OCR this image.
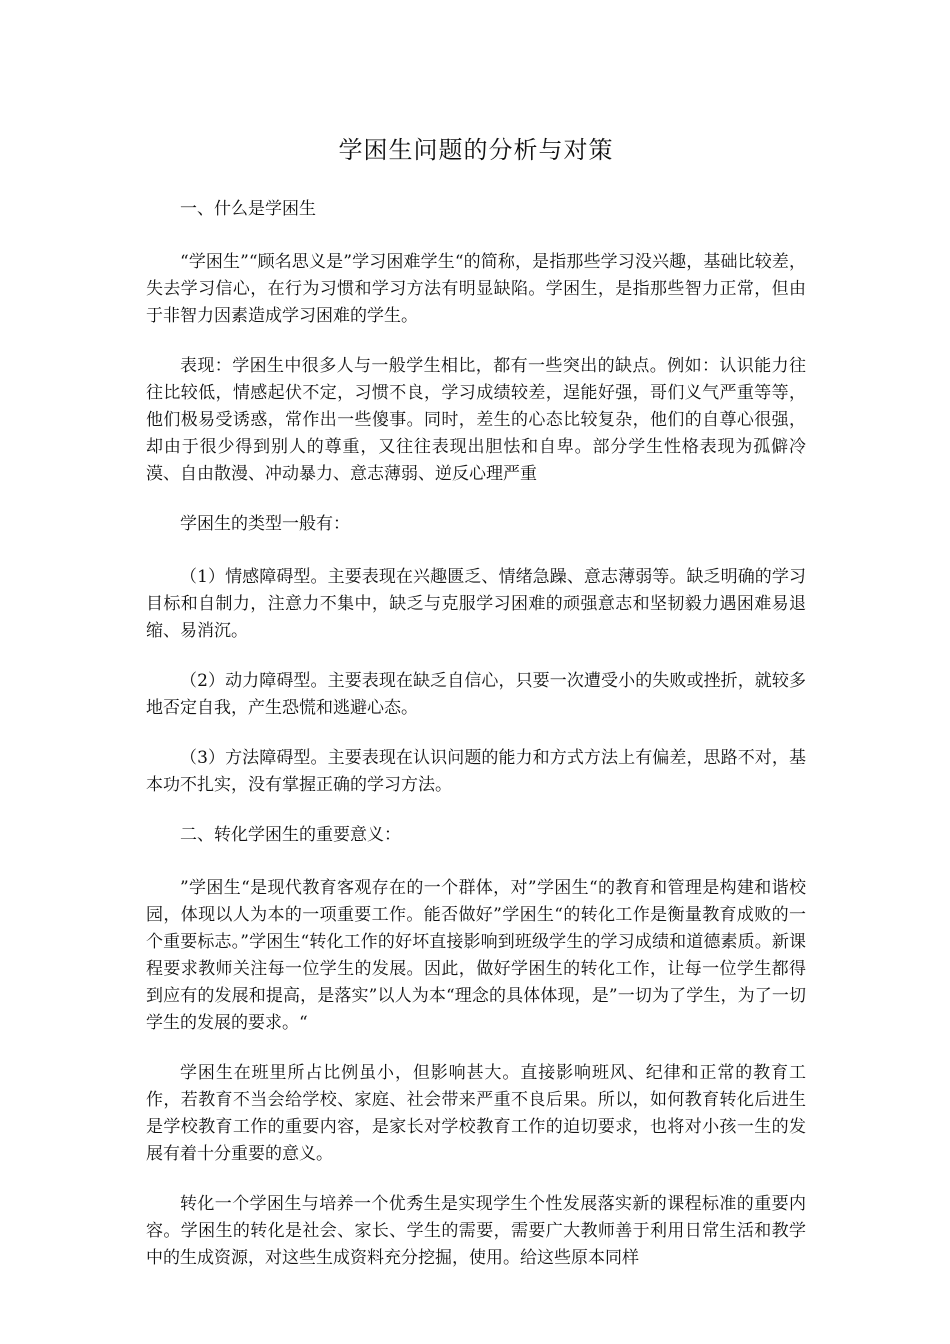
学困生问题的分析与对策

一、什么是学困生

“学困生”“顾名思义是”学习困难学生“的简称，是指那些学习没兴趣，基础比较差，失去学习信心，在行为习惯和学习方法有明显缺陷。学困生，是指那些智力正常，但由于非智力因素造成学习困难的学生。

表现：学困生中很多人与一般学生相比，都有一些突出的缺点。例如：认识能力往往比较低，情感起伏不定，习惯不良，学习成绩较差，逞能好强，哥们义气严重等等，他们极易受诱惑，常作出一些傻事。同时，差生的心态比较复杂，他们的自尊心很强，却由于很少得到别人的尊重，又往往表现出胆怯和自卑。部分学生性格表现为孤僻冷漠、自由散漫、冲动暴力、意志薄弱、逆反心理严重

学困生的类型一般有：

（1）情感障碍型。主要表现在兴趣匮乏、情绪急躁、意志薄弱等。缺乏明确的学习目标和自制力，注意力不集中，缺乏与克服学习困难的顽强意志和坚韧毅力遇困难易退缩、易消沉。

（2）动力障碍型。主要表现在缺乏自信心，只要一次遭受小的失败或挫折，就较多地否定自我，产生恐慌和逃避心态。

（3）方法障碍型。主要表现在认识问题的能力和方式方法上有偏差，思路不对，基本功不扎实，没有掌握正确的学习方法。

二、转化学困生的重要意义：

”学困生“是现代教育客观存在的一个群体，对”学困生“的教育和管理是构建和谐校园，体现以人为本的一项重要工作。能否做好”学困生“的转化工作是衡量教育成败的一个重要标志。”学困生“转化工作的好坏直接影响到班级学生的学习成绩和道德素质。新课程要求教师关注每一位学生的发展。因此，做好学困生的转化工作，让每一位学生都得到应有的发展和提高，是落实”以人为本“理念的具体体现，是”一切为了学生，为了一切学生的发展的要求。“

学困生在班里所占比例虽小，但影响甚大。直接影响班风、纪律和正常的教育工作，若教育不当会给学校、家庭、社会带来严重不良后果。所以，如何教育转化后进生是学校教育工作的重要内容，是家长对学校教育工作的迫切要求，也将对小孩一生的发展有着十分重要的意义。

转化一个学困生与培养一个优秀生是实现学生个性发展落实新的课程标准的重要内容。学困生的转化是社会、家长、学生的需要，需要广大教师善于利用日常生活和教学中的生成资源，对这些生成资料充分挖掘，使用。给这些原本同样
